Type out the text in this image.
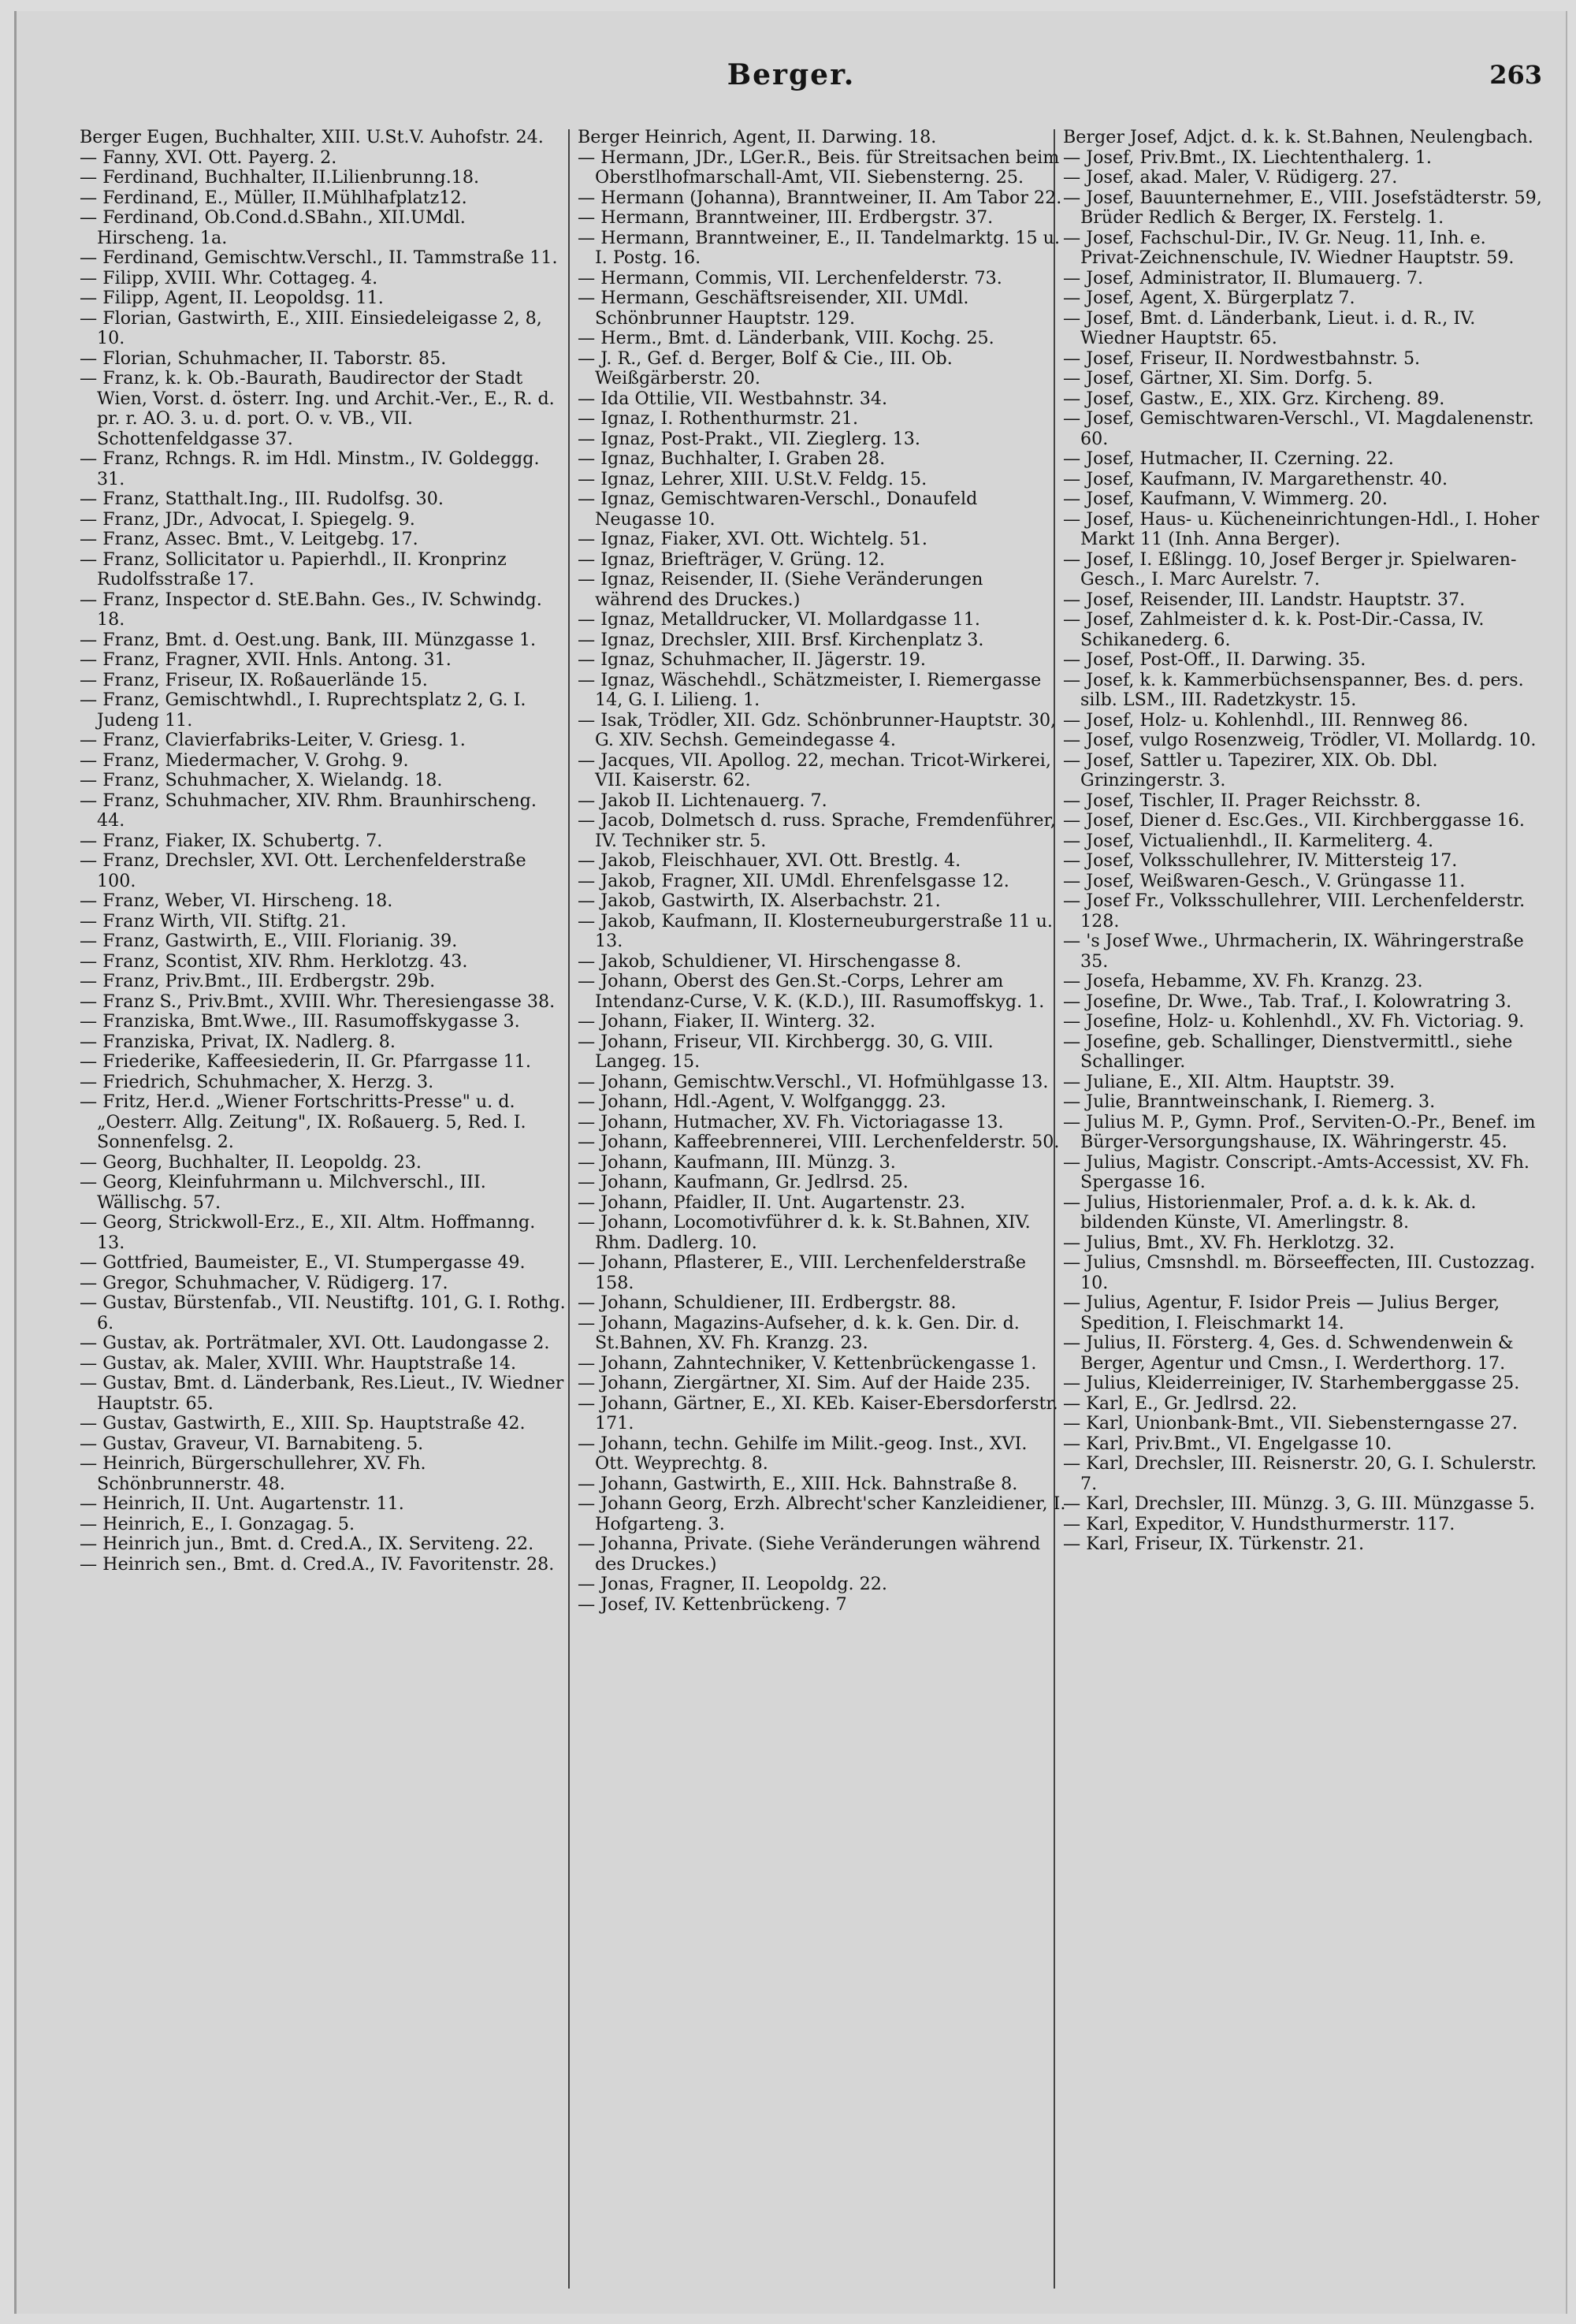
Berger.	263

Berger Eugen, Buchhalter, XIII. U.St.V. Auhofstr. 24.

— Fanny, XVI. Ott. Payerg. 2.

— Ferdinand, Buchhalter, II.Lilienbrunng.18.

— Ferdinand, E., Müller, II.Mühlhafplatz12.

— Ferdinand, Ob.Cond.d.SBahn., XII.UMdl. Hirscheng. 1a.

— Ferdinand, Gemischtw.Verschl., II. Tammstraße 11.

— Filipp, XVIII. Whr. Cottageg. 4.

— Filipp, Agent, II. Leopoldsg. 11.

— Florian, Gastwirth, E., XIII. Einsiedeleigasse 2, 8, 10.

— Florian, Schuhmacher, II. Taborstr. 85.

— Franz, k. k. Ob.-Baurath, Baudirector der Stadt Wien, Vorst. d. österr. Ing. und Archit.-Ver., E., R. d. pr. r. AO. 3. u. d. port. O. v. VB., VII. Schottenfeldgasse 37.

— Franz, Rchngs. R. im Hdl. Minstm., IV. Goldeggg. 31.

— Franz, Statthalt.Ing., III. Rudolfsg. 30.

— Franz, JDr., Advocat, I. Spiegelg. 9.

— Franz, Assec. Bmt., V. Leitgebg. 17.

— Franz, Sollicitator u. Papierhdl., II. Kronprinz Rudolfsstraße 17.

— Franz, Inspector d. StE.Bahn. Ges., IV. Schwindg. 18.

— Franz, Bmt. d. Oest.ung. Bank, III. Münzgasse 1.

— Franz, Fragner, XVII. Hnls. Antong. 31.

— Franz, Friseur, IX. Roßauerlände 15.

— Franz, Gemischtwhdl., I. Ruprechtsplatz 2, G. I. Judeng 11.

— Franz, Clavierfabriks-Leiter, V. Griesg. 1.

— Franz, Miedermacher, V. Grohg. 9.

— Franz, Schuhmacher, X. Wielandg. 18.

— Franz, Schuhmacher, XIV. Rhm. Braunhirscheng. 44.

— Franz, Fiaker, IX. Schubertg. 7.

— Franz, Drechsler, XVI. Ott. Lerchenfelderstraße 100.

— Franz, Weber, VI. Hirscheng. 18.

— Franz Wirth, VII. Stiftg. 21.

— Franz, Gastwirth, E., VIII. Florianig. 39.

— Franz, Scontist, XIV. Rhm. Herklotzg. 43.

— Franz, Priv.Bmt., III. Erdbergstr. 29b.

— Franz S., Priv.Bmt., XVIII. Whr. Theresiengasse 38.

— Franziska, Bmt.Wwe., III. Rasumoffskygasse 3.

— Franziska, Privat, IX. Nadlerg. 8.

— Friederike, Kaffeesiederin, II. Gr. Pfarrgasse 11.

— Friedrich, Schuhmacher, X. Herzg. 3.

— Fritz, Her.d. „Wiener Fortschritts-Presse" u. d. „Oesterr. Allg. Zeitung", IX. Roßauerg. 5, Red. I. Sonnenfelsg. 2.

— Georg, Buchhalter, II. Leopoldg. 23.

— Georg, Kleinfuhrmann u. Milchverschl., III. Wällischg. 57.

— Georg, Strickwoll-Erz., E., XII. Altm. Hoffmanng. 13.

— Gottfried, Baumeister, E., VI. Stumpergasse 49.

— Gregor, Schuhmacher, V. Rüdigerg. 17.

— Gustav, Bürstenfab., VII. Neustiftg. 101, G. I. Rothg. 6.

— Gustav, ak. Porträtmaler, XVI. Ott. Laudongasse 2.

— Gustav, ak. Maler, XVIII. Whr. Hauptstraße 14.

— Gustav, Bmt. d. Länderbank, Res.Lieut., IV. Wiedner Hauptstr. 65.

— Gustav, Gastwirth, E., XIII. Sp. Hauptstraße 42.

— Gustav, Graveur, VI. Barnabiteng. 5.

— Heinrich, Bürgerschullehrer, XV. Fh. Schönbrunnerstr. 48.

— Heinrich, II. Unt. Augartenstr. 11.

— Heinrich, E., I. Gonzagag. 5.

— Heinrich jun., Bmt. d. Cred.A., IX. Serviteng. 22.

— Heinrich sen., Bmt. d. Cred.A., IV. Favoritenstr. 28.

Berger Heinrich, Agent, II. Darwing. 18.

— Hermann, JDr., LGer.R., Beis. für Streitsachen beim Oberstlhofmarschall-Amt, VII. Siebensterng. 25.

— Hermann (Johanna), Branntweiner, II. Am Tabor 22.

— Hermann, Branntweiner, III. Erdbergstr. 37.

— Hermann, Branntweiner, E., II. Tandelmarktg. 15 u. I. Postg. 16.

— Hermann, Commis, VII. Lerchenfelderstr. 73.

— Hermann, Geschäftsreisender, XII. UMdl. Schönbrunner Hauptstr. 129.

— Herm., Bmt. d. Länderbank, VIII. Kochg. 25.

— J. R., Gef. d. Berger, Bolf & Cie., III. Ob. Weißgärberstr. 20.

— Ida Ottilie, VII. Westbahnstr. 34.

— Ignaz, I. Rothenthurmstr. 21.

— Ignaz, Post-Prakt., VII. Zieglerg. 13.

— Ignaz, Buchhalter, I. Graben 28.

— Ignaz, Lehrer, XIII. U.St.V. Feldg. 15.

— Ignaz, Gemischtwaren-Verschl., Donaufeld Neugasse 10.

— Ignaz, Fiaker, XVI. Ott. Wichtelg. 51.

— Ignaz, Briefträger, V. Grüng. 12.

— Ignaz, Reisender, II. (Siehe Veränderungen während des Druckes.)

— Ignaz, Metalldrucker, VI. Mollardgasse 11.

— Ignaz, Drechsler, XIII. Brsf. Kirchenplatz 3.

— Ignaz, Schuhmacher, II. Jägerstr. 19.

— Ignaz, Wäschehdl., Schätzmeister, I. Riemergasse 14, G. I. Lilieng. 1.

— Isak, Trödler, XII. Gdz. Schönbrunner-Hauptstr. 30, G. XIV. Sechsh. Gemeindegasse 4.

— Jacques, VII. Apollog. 22, mechan. Tricot-Wirkerei, VII. Kaiserstr. 62.

— Jakob II. Lichtenauerg. 7.

— Jacob, Dolmetsch d. russ. Sprache, Fremdenführer, IV. Techniker str. 5.

— Jakob, Fleischhauer, XVI. Ott. Brestlg. 4.

— Jakob, Fragner, XII. UMdl. Ehrenfelsgasse 12.

— Jakob, Gastwirth, IX. Alserbachstr. 21.

— Jakob, Kaufmann, II. Klosterneuburgerstraße 11 u. 13.

— Jakob, Schuldiener, VI. Hirschengasse 8.

— Johann, Oberst des Gen.St.-Corps, Lehrer am Intendanz-Curse, V. K. (K.D.), III. Rasumoffskyg. 1.

— Johann, Fiaker, II. Winterg. 32.

— Johann, Friseur, VII. Kirchbergg. 30, G. VIII. Langeg. 15.

— Johann, Gemischtw.Verschl., VI. Hofmühlgasse 13.

— Johann, Hdl.-Agent, V. Wolfganggg. 23.

— Johann, Hutmacher, XV. Fh. Victoriagasse 13.

— Johann, Kaffeebrennerei, VIII. Lerchenfelderstr. 50.

— Johann, Kaufmann, III. Münzg. 3.

— Johann, Kaufmann, Gr. Jedlrsd. 25.

— Johann, Pfaidler, II. Unt. Augartenstr. 23.

— Johann, Locomotivführer d. k. k. St.Bahnen, XIV. Rhm. Dadlerg. 10.

— Johann, Pflasterer, E., VIII. Lerchenfelderstraße 158.

— Johann, Schuldiener, III. Erdbergstr. 88.

— Johann, Magazins-Aufseher, d. k. k. Gen. Dir. d. St.Bahnen, XV. Fh. Kranzg. 23.

— Johann, Zahntechniker, V. Kettenbrückengasse 1.

— Johann, Ziergärtner, XI. Sim. Auf der Haide 235.

— Johann, Gärtner, E., XI. KEb. Kaiser-Ebersdorferstr. 171.

— Johann, techn. Gehilfe im Milit.-geog. Inst., XVI. Ott. Weyprechtg. 8.

— Johann, Gastwirth, E., XIII. Hck. Bahnstraße 8.

— Johann Georg, Erzh. Albrecht'scher Kanzleidiener, I. Hofgarteng. 3.

— Johanna, Private. (Siehe Veränderungen während des Druckes.)

— Jonas, Fragner, II. Leopoldg. 22.

— Josef, IV. Kettenbrückeng. 7

Berger Josef, Adjct. d. k. k. St.Bahnen, Neulengbach.

— Josef, Priv.Bmt., IX. Liechtenthalerg. 1.

— Josef, akad. Maler, V. Rüdigerg. 27.

— Josef, Bauunternehmer, E., VIII. Josefstädterstr. 59, Brüder Redlich & Berger, IX. Ferstelg. 1.

— Josef, Fachschul-Dir., IV. Gr. Neug. 11, Inh. e. Privat-Zeichnenschule, IV. Wiedner Hauptstr. 59.

— Josef, Administrator, II. Blumauerg. 7.

— Josef, Agent, X. Bürgerplatz 7.

— Josef, Bmt. d. Länderbank, Lieut. i. d. R., IV. Wiedner Hauptstr. 65.

— Josef, Friseur, II. Nordwestbahnstr. 5.

— Josef, Gärtner, XI. Sim. Dorfg. 5.

— Josef, Gastw., E., XIX. Grz. Kircheng. 89.

— Josef, Gemischtwaren-Verschl., VI. Magdalenenstr. 60.

— Josef, Hutmacher, II. Czerning. 22.

— Josef, Kaufmann, IV. Margarethenstr. 40.

— Josef, Kaufmann, V. Wimmerg. 20.

— Josef, Haus- u. Kücheneinrichtungen-Hdl., I. Hoher Markt 11 (Inh. Anna Berger).

— Josef, I. Eßlingg. 10, Josef Berger jr. Spielwaren-Gesch., I. Marc Aurelstr. 7.

— Josef, Reisender, III. Landstr. Hauptstr. 37.

— Josef, Zahlmeister d. k. k. Post-Dir.-Cassa, IV. Schikanederg. 6.

— Josef, Post-Off., II. Darwing. 35.

— Josef, k. k. Kammerbüchsenspanner, Bes. d. pers. silb. LSM., III. Radetzkystr. 15.

— Josef, Holz- u. Kohlenhdl., III. Rennweg 86.

— Josef, vulgo Rosenzweig, Trödler, VI. Mollardg. 10.

— Josef, Sattler u. Tapezirer, XIX. Ob. Dbl. Grinzingerstr. 3.

— Josef, Tischler, II. Prager Reichsstr. 8.

— Josef, Diener d. Esc.Ges., VII. Kirchberggasse 16.

— Josef, Victualienhdl., II. Karmeliterg. 4.

— Josef, Volksschullehrer, IV. Mittersteig 17.

— Josef, Weißwaren-Gesch., V. Grüngasse 11.

— Josef Fr., Volksschullehrer, VIII. Lerchenfelderstr. 128.

— 's Josef Wwe., Uhrmacherin, IX. Währingerstraße 35.

— Josefa, Hebamme, XV. Fh. Kranzg. 23.

— Josefine, Dr. Wwe., Tab. Traf., I. Kolowratring 3.

— Josefine, Holz- u. Kohlenhdl., XV. Fh. Victoriag. 9.

— Josefine, geb. Schallinger, Dienstvermittl., siehe Schallinger.

— Juliane, E., XII. Altm. Hauptstr. 39.

— Julie, Branntweinschank, I. Riemerg. 3.

— Julius M. P., Gymn. Prof., Serviten-O.-Pr., Benef. im Bürger-Versorgungshause, IX. Währingerstr. 45.

— Julius, Magistr. Conscript.-Amts-Accessist, XV. Fh. Spergasse 16.

— Julius, Historienmaler, Prof. a. d. k. k. Ak. d. bildenden Künste, VI. Amerlingstr. 8.

— Julius, Bmt., XV. Fh. Herklotzg. 32.

— Julius, Cmsnshdl. m. Börseeffecten, III. Custozzag. 10.

— Julius, Agentur, F. Isidor Preis — Julius Berger, Spedition, I. Fleischmarkt 14.

— Julius, II. Försterg. 4, Ges. d. Schwendenwein & Berger, Agentur und Cmsn., I. Werderthorg. 17.

— Julius, Kleiderreiniger, IV. Starhemberggasse 25.

— Karl, E., Gr. Jedlrsd. 22.

— Karl, Unionbank-Bmt., VII. Siebensterngasse 27.

— Karl, Priv.Bmt., VI. Engelgasse 10.

— Karl, Drechsler, III. Reisnerstr. 20, G. I. Schulerstr. 7.

— Karl, Drechsler, III. Münzg. 3, G. III. Münzgasse 5.

— Karl, Expeditor, V. Hundsthurmerstr. 117.

— Karl, Friseur, IX. Türkenstr. 21.
